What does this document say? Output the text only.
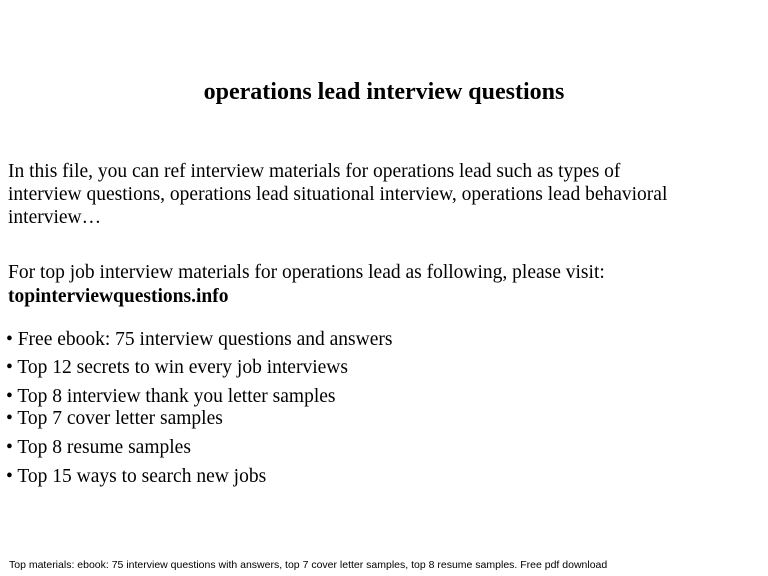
operations lead interview questions
In this file, you can ref interview materials for operations lead such as types of
interview questions, operations lead situational interview, operations lead behavioral
interview…
For top job interview materials for operations lead as following, please visit:
topinterviewquestions.info
• Free ebook: 75 interview questions and answers
• Top 12 secrets to win every job interviews
• Top 8 interview thank you letter samples
• Top 7 cover letter samples
• Top 8 resume samples
• Top 15 ways to search new jobs
Top materials: ebook: 75 interview questions with answers, top 7 cover letter samples, top 8 resume samples. Free pdf download
